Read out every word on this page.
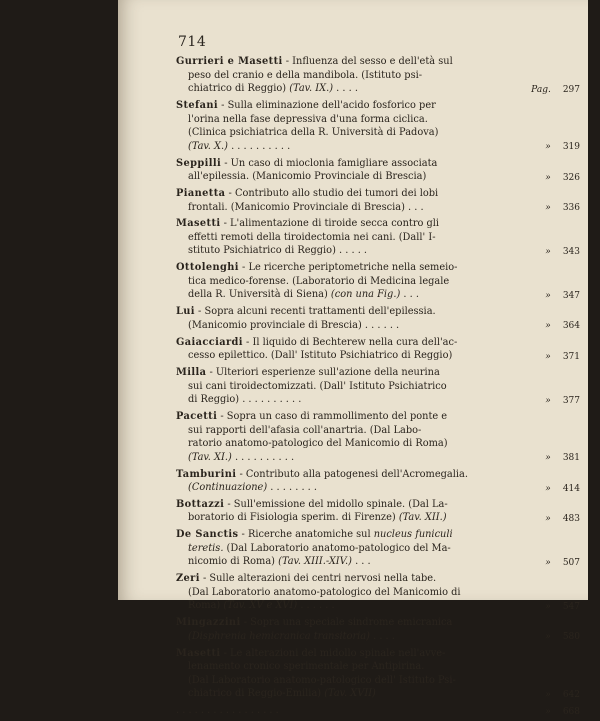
714
Gurrieri e Masetti - Influenza del sesso e dell'età sul
peso del cranio e della mandibola. (Istituto psi-
chiatrico di Reggio) (Tav. IX.) . . . .	Pag. 297
Stefani - Sulla eliminazione dell'acido fosforico per
l'orina nella fase depressiva d'una forma ciclica.
(Clinica psichiatrica della R. Università di Padova)
(Tav. X.) . . . . . . . . . .	» 319
Seppilli - Un caso di mioclonia famigliare associata
all'epilessia. (Manicomio Provinciale di Brescia)	» 326
Pianetta - Contributo allo studio dei tumori dei lobi
frontali. (Manicomio Provinciale di Brescia) . . .	» 336
Masetti - L'alimentazione di tiroide secca contro gli
effetti remoti della tiroidectomia nei cani. (Dall' I-
stituto Psichiatrico di Reggio) . . . . .	» 343
Ottolenghi - Le ricerche periptometriche nella semeio-
tica medico-forense. (Laboratorio di Medicina legale
della R. Università di Siena) (con una Fig.) . . .	» 347
Lui - Sopra alcuni recenti trattamenti dell'epilessia.
(Manicomio provinciale di Brescia) . . . . . .	» 364
Gaiacciardi - Il liquido di Bechterew nella cura dell'ac-
cesso epilettico. (Dall' Istituto Psichiatrico di Reggio)	» 371
Milla - Ulteriori esperienze sull'azione della neurina
sui cani tiroidectomizzati. (Dall' Istituto Psichiatrico
di Reggio) . . . . . . . . . .	» 377
Pacetti - Sopra un caso di rammollimento del ponte e
sui rapporti dell'afasia coll'anartria. (Dal Labo-
ratorio anatomo-patologico del Manicomio di Roma)
(Tav. XI.) . . . . . . . . . .	» 381
Tamburini - Contributo alla patogenesi dell'Acromegalia.
(Continuazione) . . . . . . . .	» 414
Bottazzi - Sull'emissione del midollo spinale. (Dal La-
boratorio di Fisiologia sperim. di Firenze) (Tav. XII.)	» 483
De Sanctis - Ricerche anatomiche sul nucleus funiculi
teretis. (Dal Laboratorio anatomo-patologico del Ma-
nicomio di Roma) (Tav. XIII.-XIV.) . . .	» 507
Zeri - Sulle alterazioni dei centri nervosi nella tabe.
(Dal Laboratorio anatomo-patologico del Manicomio di
Roma) (Tav. XV e XVI) . . . . . .	» 547
Mingazzini - Sopra una speciale sindrome emicranica
(Disphrenia hemicranica transitoria) . . . .	» 580
Masetti - Le alterazioni del midollo spinale nell'avve-
lenamento cronico sperimentale per Antipirina.
(Dal Laboratorio anatomo-patologico dell' Istituto Psi-
chiatrico di Reggio-Emilia) (Tav. XVII)	» 642
. . . . . . . . . . . . . . . . .	» 668
